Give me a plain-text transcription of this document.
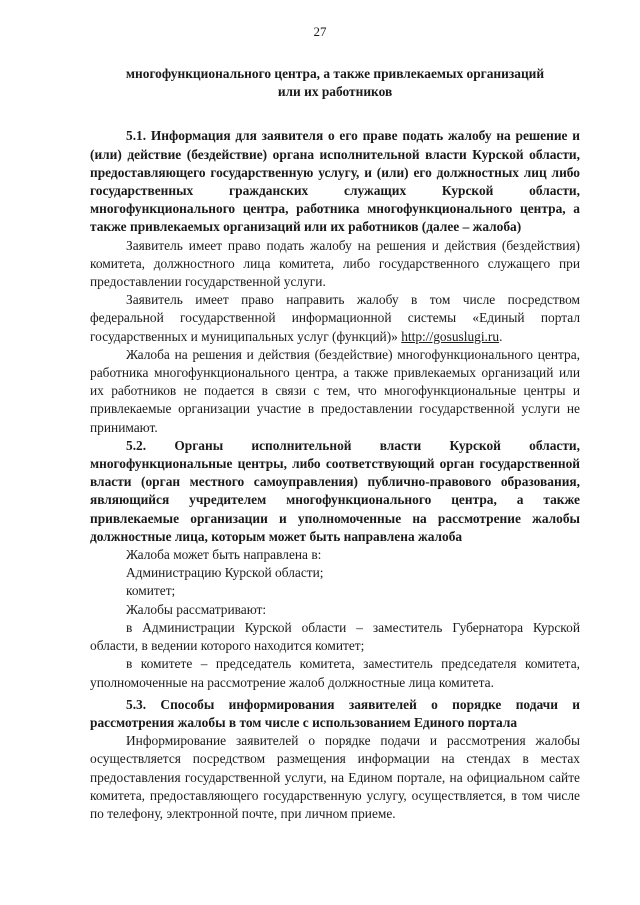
27

многофункционального центра, а также привлекаемых организаций

или их работников

5.1. Информация для заявителя о его праве подать жалобу на решение и (или) действие (бездействие) органа исполнительной власти Курской области, предоставляющего государственную услугу, и (или) его должностных лиц либо государственных гражданских служащих Курской области, многофункционального центра, работника многофункционального центра, а также привлекаемых организаций или их работников (далее – жалоба)

Заявитель имеет право подать жалобу на решения и действия (бездействия) комитета, должностного лица комитета, либо государственного служащего при предоставлении государственной услуги.

Заявитель имеет право направить жалобу в том числе посредством федеральной государственной информационной системы «Единый портал государственных и муниципальных услуг (функций)» http://gosuslugi.ru.

Жалоба на решения и действия (бездействие) многофункционального центра, работника многофункционального центра, а также привлекаемых организаций или их работников не подается в связи с тем, что многофункциональные центры и привлекаемые организации участие в предоставлении государственной услуги не принимают.

5.2. Органы исполнительной власти Курской области, многофункциональные центры, либо соответствующий орган государственной власти (орган местного самоуправления) публично-правового образования, являющийся учредителем многофункционального центра, а также привлекаемые организации и уполномоченные на рассмотрение жалобы должностные лица, которым может быть направлена жалоба

Жалоба может быть направлена в:

Администрацию Курской области;

комитет;

Жалобы рассматривают:

в Администрации Курской области – заместитель Губернатора Курской области, в ведении которого находится комитет;

в комитете – председатель комитета, заместитель председателя комитета, уполномоченные на рассмотрение жалоб должностные лица комитета.

5.3. Способы информирования заявителей о порядке подачи и рассмотрения жалобы в том числе с использованием Единого портала

Информирование заявителей о порядке подачи и рассмотрения жалобы осуществляется посредством размещения информации на стендах в местах предоставления государственной услуги, на Едином портале, на официальном сайте комитета, предоставляющего государственную услугу, осуществляется, в том числе по телефону, электронной почте, при личном приеме.
